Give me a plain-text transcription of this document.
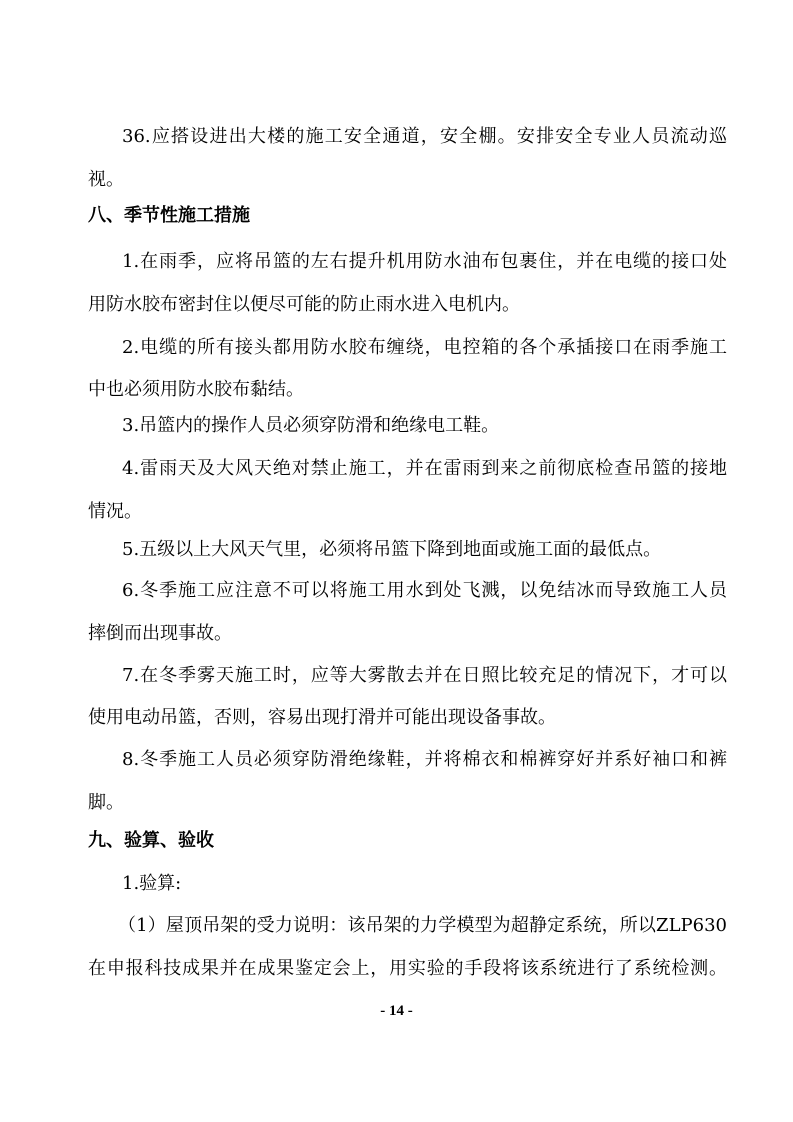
36.应搭设进出大楼的施工安全通道，安全棚。安排安全专业人员流动巡
视。
八、季节性施工措施
1.在雨季，应将吊篮的左右提升机用防水油布包裹住，并在电缆的接口处
用防水胶布密封住以便尽可能的防止雨水进入电机内。
2.电缆的所有接头都用防水胶布缠绕，电控箱的各个承插接口在雨季施工
中也必须用防水胶布黏结。
3.吊篮内的操作人员必须穿防滑和绝缘电工鞋。
4.雷雨天及大风天绝对禁止施工，并在雷雨到来之前彻底检查吊篮的接地
情况。
5.五级以上大风天气里，必须将吊篮下降到地面或施工面的最低点。
6.冬季施工应注意不可以将施工用水到处飞溅，以免结冰而导致施工人员
摔倒而出现事故。
7.在冬季雾天施工时，应等大雾散去并在日照比较充足的情况下，才可以
使用电动吊篮，否则，容易出现打滑并可能出现设备事故。
8.冬季施工人员必须穿防滑绝缘鞋，并将棉衣和棉裤穿好并系好袖口和裤
脚。
九、验算、验收
1.验算:
（1）屋顶吊架的受力说明：该吊架的力学模型为超静定系统，所以ZLP630
在申报科技成果并在成果鉴定会上，用实验的手段将该系统进行了系统检测。
- 14 -
